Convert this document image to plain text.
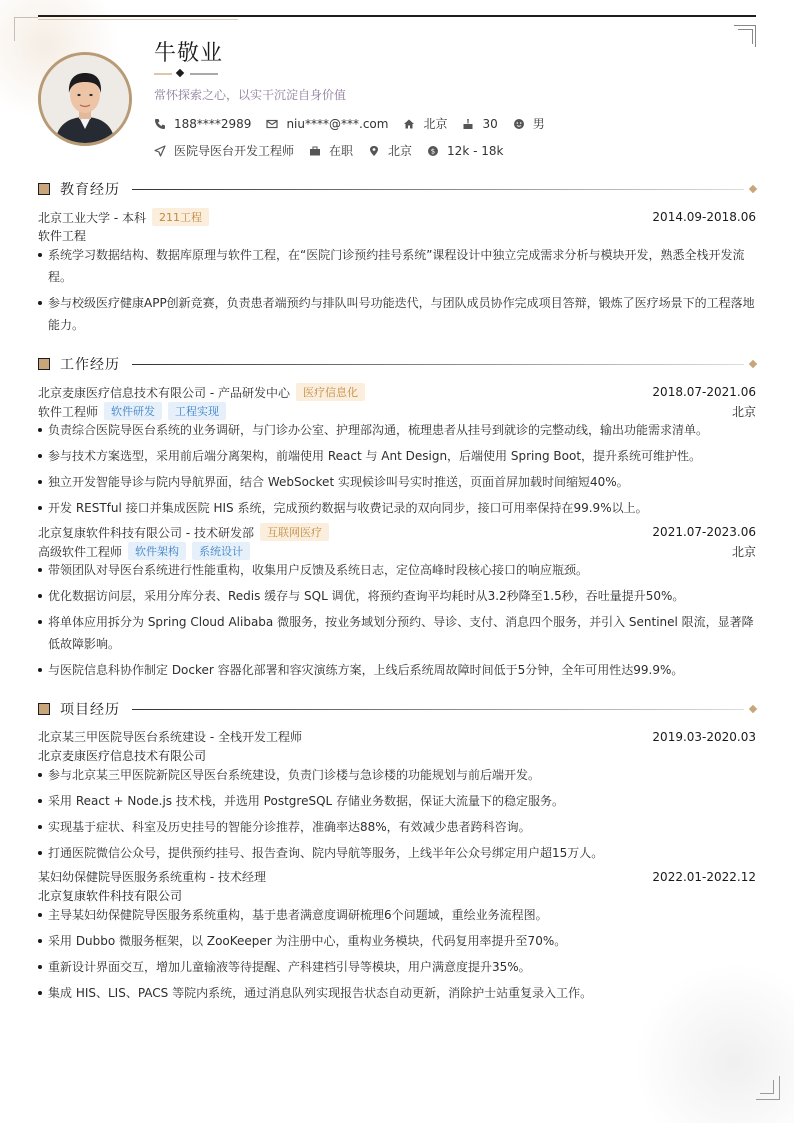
牛敬业
常怀探索之心，以实干沉淀自身价值
188****2989	niu****@***.com	北京	30	男
医院导医台开发工程师	在职	北京	$ 12k - 18k
教育经历
北京工业大学 - 本科	211工程	2014.09-2018.06
软件工程
系统学习数据结构、数据库原理与软件工程，在“医院门诊预约挂号系统”课程设计中独立完成需求分析与模块开发，熟悉全栈开发流程。
参与校级医疗健康APP创新竞赛，负责患者端预约与排队叫号功能迭代，与团队成员协作完成项目答辩，锻炼了医疗场景下的工程落地能力。
工作经历
北京麦康医疗信息技术有限公司 - 产品研发中心	医疗信息化	2018.07-2021.06
软件工程师	软件研发	工程实现	北京
负责综合医院导医台系统的业务调研，与门诊办公室、护理部沟通，梳理患者从挂号到就诊的完整动线，输出功能需求清单。
参与技术方案选型，采用前后端分离架构，前端使用 React 与 Ant Design，后端使用 Spring Boot，提升系统可维护性。
独立开发智能导诊与院内导航界面，结合 WebSocket 实现候诊叫号实时推送，页面首屏加载时间缩短40%。
开发 RESTful 接口并集成医院 HIS 系统，完成预约数据与收费记录的双向同步，接口可用率保持在99.9%以上。
北京复康软件科技有限公司 - 技术研发部	互联网医疗	2021.07-2023.06
高级软件工程师	软件架构	系统设计	北京
带领团队对导医台系统进行性能重构，收集用户反馈及系统日志，定位高峰时段核心接口的响应瓶颈。
优化数据访问层，采用分库分表、Redis 缓存与 SQL 调优，将预约查询平均耗时从3.2秒降至1.5秒，吞吐量提升50%。
将单体应用拆分为 Spring Cloud Alibaba 微服务，按业务域划分预约、导诊、支付、消息四个服务，并引入 Sentinel 限流，显著降低故障影响。
与医院信息科协作制定 Docker 容器化部署和容灾演练方案，上线后系统周故障时间低于5分钟，全年可用性达99.9%。
项目经历
北京某三甲医院导医台系统建设 - 全栈开发工程师	2019.03-2020.03
北京麦康医疗信息技术有限公司
参与北京某三甲医院新院区导医台系统建设，负责门诊楼与急诊楼的功能规划与前后端开发。
采用 React + Node.js 技术栈，并选用 PostgreSQL 存储业务数据，保证大流量下的稳定服务。
实现基于症状、科室及历史挂号的智能分诊推荐，准确率达88%，有效减少患者跨科咨询。
打通医院微信公众号，提供预约挂号、报告查询、院内导航等服务，上线半年公众号绑定用户超15万人。
某妇幼保健院导医服务系统重构 - 技术经理	2022.01-2022.12
北京复康软件科技有限公司
主导某妇幼保健院导医服务系统重构，基于患者满意度调研梳理6个问题域，重绘业务流程图。
采用 Dubbo 微服务框架，以 ZooKeeper 为注册中心，重构业务模块，代码复用率提升至70%。
重新设计界面交互，增加儿童输液等待提醒、产科建档引导等模块，用户满意度提升35%。
集成 HIS、LIS、PACS 等院内系统，通过消息队列实现报告状态自动更新，消除护士站重复录入工作。
